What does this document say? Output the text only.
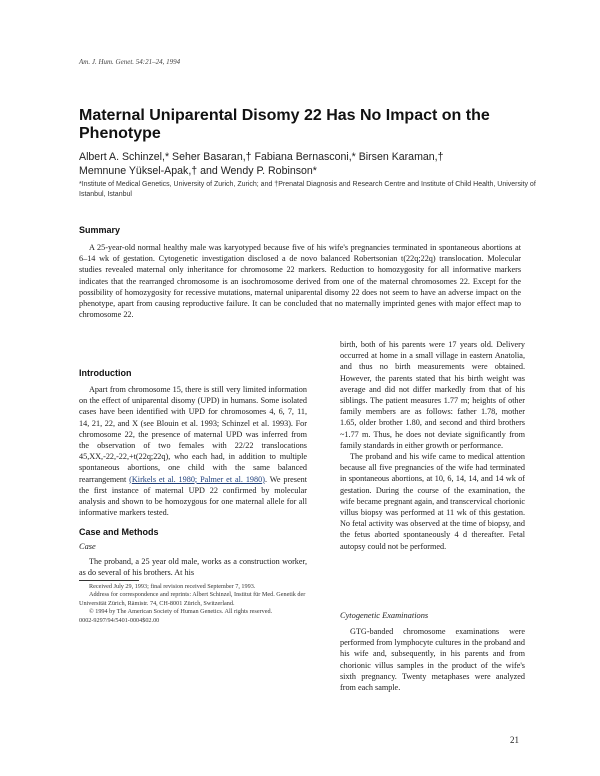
Am. J. Hum. Genet. 54:21–24, 1994
Maternal Uniparental Disomy 22 Has No Impact on the Phenotype
Albert A. Schinzel,* Seher Basaran,† Fabiana Bernasconi,* Birsen Karaman,†
Memnune Yüksel-Apak,† and Wendy P. Robinson*
*Institute of Medical Genetics, University of Zurich, Zurich; and †Prenatal Diagnosis and Research Centre and Institute of Child Health, University of Istanbul, Istanbul
Summary

A 25-year-old normal healthy male was karyotyped because five of his wife's pregnancies terminated in spontaneous abortions at 6–14 wk of gestation. Cytogenetic investigation disclosed a de novo balanced Robertsonian t(22q;22q) translocation. Molecular studies revealed maternal only inheritance for chromosome 22 markers. Reduction to homozygosity for all informative markers indicates that the rearranged chromosome is an isochromosome derived from one of the maternal chromosomes 22. Except for the possibility of homozygosity for recessive mutations, maternal uniparental disomy 22 does not seem to have an adverse impact on the phenotype, apart from causing reproductive failure. It can be concluded that no maternally imprinted genes with major effect map to chromosome 22.

Introduction

Apart from chromosome 15, there is still very limited information on the effect of uniparental disomy (UPD) in humans. Some isolated cases have been identified with UPD for chromosomes 4, 6, 7, 11, 14, 21, 22, and X (see Blouin et al. 1993; Schinzel et al. 1993). For chromosome 22, the presence of maternal UPD was inferred from the observation of two females with 22/22 translocations 45,XX,-22,-22,+t(22q;22q), who each had, in addition to multiple spontaneous abortions, one child with the same balanced rearrangement (Kirkels et al. 1980; Palmer et al. 1980). We present the first instance of maternal UPD 22 confirmed by molecular analysis and shown to be homozygous for one maternal allele for all informative markers tested.

Case and Methods
Case

The proband, a 25 year old male, works as a construction worker, as do several of his brothers. At his

Received July 29, 1993; final revision received September 7, 1993.

Address for correspondence and reprints: Albert Schinzel, Institut für Med. Genetik der Universität Zürich, Rämistr. 74, CH-8001 Zürich, Switzerland.

© 1994 by The American Society of Human Genetics. All rights reserved.

0002-9297/94/5401-0004$02.00

birth, both of his parents were 17 years old. Delivery occurred at home in a small village in eastern Anatolia, and thus no birth measurements were obtained. However, the parents stated that his birth weight was average and did not differ markedly from that of his siblings. The patient measures 1.77 m; heights of other family members are as follows: father 1.78, mother 1.65, older brother 1.80, and second and third brothers ~1.77 m. Thus, he does not deviate significantly from family standards in either growth or performance.

The proband and his wife came to medical attention because all five pregnancies of the wife had terminated in spontaneous abortions, at 10, 6, 14, 14, and 14 wk of gestation. During the course of the examination, the wife became pregnant again, and transcervical chorionic villus biopsy was performed at 11 wk of this gestation. No fetal activity was observed at the time of biopsy, and the fetus aborted spontaneously 4 d thereafter. Fetal autopsy could not be performed.

Cytogenetic Examinations

GTG-banded chromosome examinations were performed from lymphocyte cultures in the proband and his wife and, subsequently, in his parents and from chorionic villus samples in the product of the wife's sixth pregnancy. Twenty metaphases were analyzed from each sample.

21
